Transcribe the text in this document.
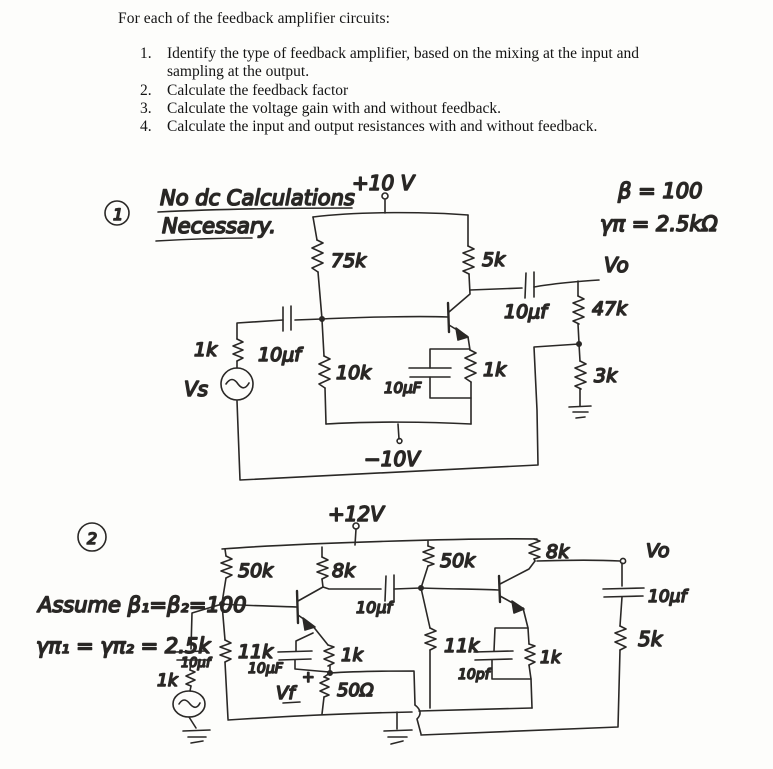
For each of the feedback amplifier circuits:
1. Identify the type of feedback amplifier, based on the mixing at the input and
sampling at the output.
2. Calculate the feedback factor
3. Calculate the voltage gain with and without feedback.
4. Calculate the input and output resistances with and without feedback.
1
No dc Calculations
Necessary.
+10 V	β = 100
γπ = 2.5kΩ
Vo
75k	5k
10k	1k
47k
3k
1k
Vs
10μf
10μf
10μF
−10V
2
+12V
Assume β₁=β₂=100
γπ₁ = γπ₂ = 2.5k
50k	8k
11k
1k
10μf	10μF
Vf
+
1k
50Ω
10μf
50k
11k
8k
1k
10pf
Vo
10μf
5k
